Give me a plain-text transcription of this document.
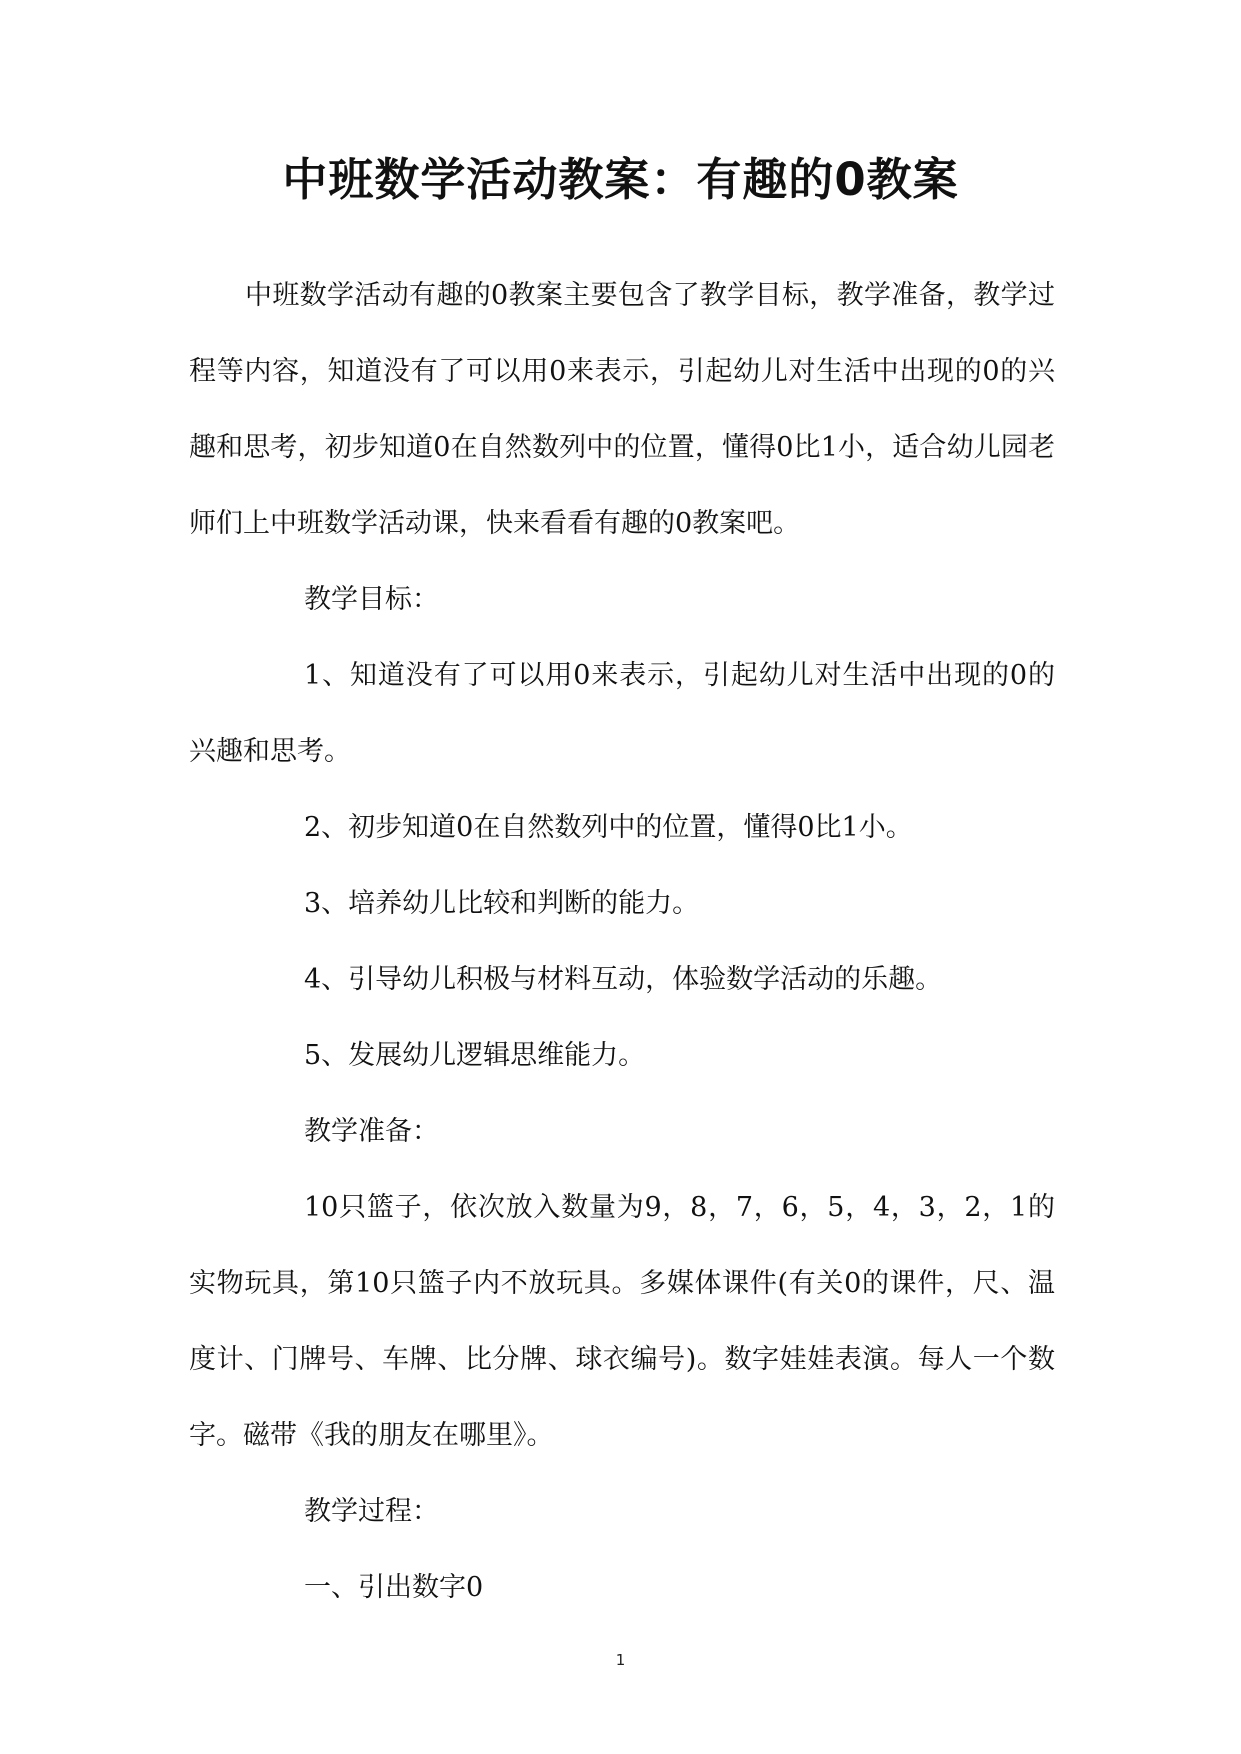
中班数学活动教案：有趣的0教案

中班数学活动有趣的0教案主要包含了教学目标，教学准备，教学过程等内容，知道没有了可以用0来表示，引起幼儿对生活中出现的0的兴趣和思考，初步知道0在自然数列中的位置，懂得0比1小，适合幼儿园老师们上中班数学活动课，快来看看有趣的0教案吧。

教学目标：

1、知道没有了可以用0来表示，引起幼儿对生活中出现的0的兴趣和思考。

2、初步知道0在自然数列中的位置，懂得0比1小。

3、培养幼儿比较和判断的能力。

4、引导幼儿积极与材料互动，体验数学活动的乐趣。

5、发展幼儿逻辑思维能力。

教学准备：

10只篮子，依次放入数量为9，8，7，6，5，4，3，2，1的实物玩具，第10只篮子内不放玩具。多媒体课件(有关0的课件，尺、温度计、门牌号、车牌、比分牌、球衣编号)。数字娃娃表演。每人一个数字。磁带《我的朋友在哪里》。

教学过程：

一、引出数字0

1
